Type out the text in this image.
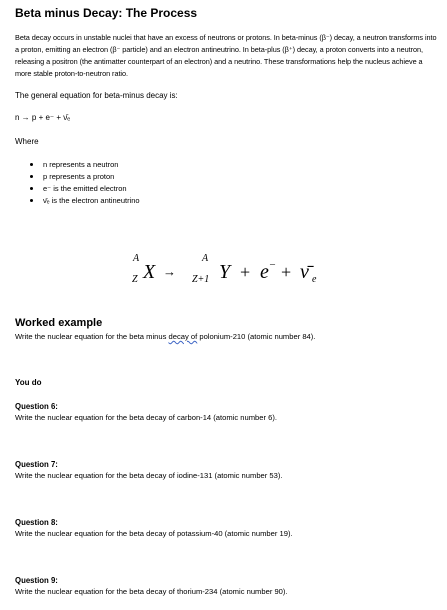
Beta minus Decay: The Process
Beta decay occurs in unstable nuclei that have an excess of neutrons or protons. In beta-minus (β⁻) decay, a neutron transforms into a proton, emitting an electron (β⁻ particle) and an electron antineutrino. In beta-plus (β⁺) decay, a proton converts into a neutron, releasing a positron (the antimatter counterpart of an electron) and a neutrino. These transformations help the nucleus achieve a more stable proton-to-neutron ratio.
The general equation for beta-minus decay is:
n → p + e⁻ + ν̄ₑ
Where
n represents a neutron
p represents a proton
e⁻ is the emitted electron
ν̄ₑ is the electron antineutrino
A
Z X →
A
Z+1 Y + –
e + ν̄ e
Worked example
Write the nuclear equation for the beta minus decay of polonium-210 (atomic number 84).
You do
Question 6:
Write the nuclear equation for the beta decay of carbon-14 (atomic number 6).
Question 7:
Write the nuclear equation for the beta decay of iodine-131 (atomic number 53).
Question 8:
Write the nuclear equation for the beta decay of potassium-40 (atomic number 19).
Question 9:
Write the nuclear equation for the beta decay of thorium-234 (atomic number 90).
